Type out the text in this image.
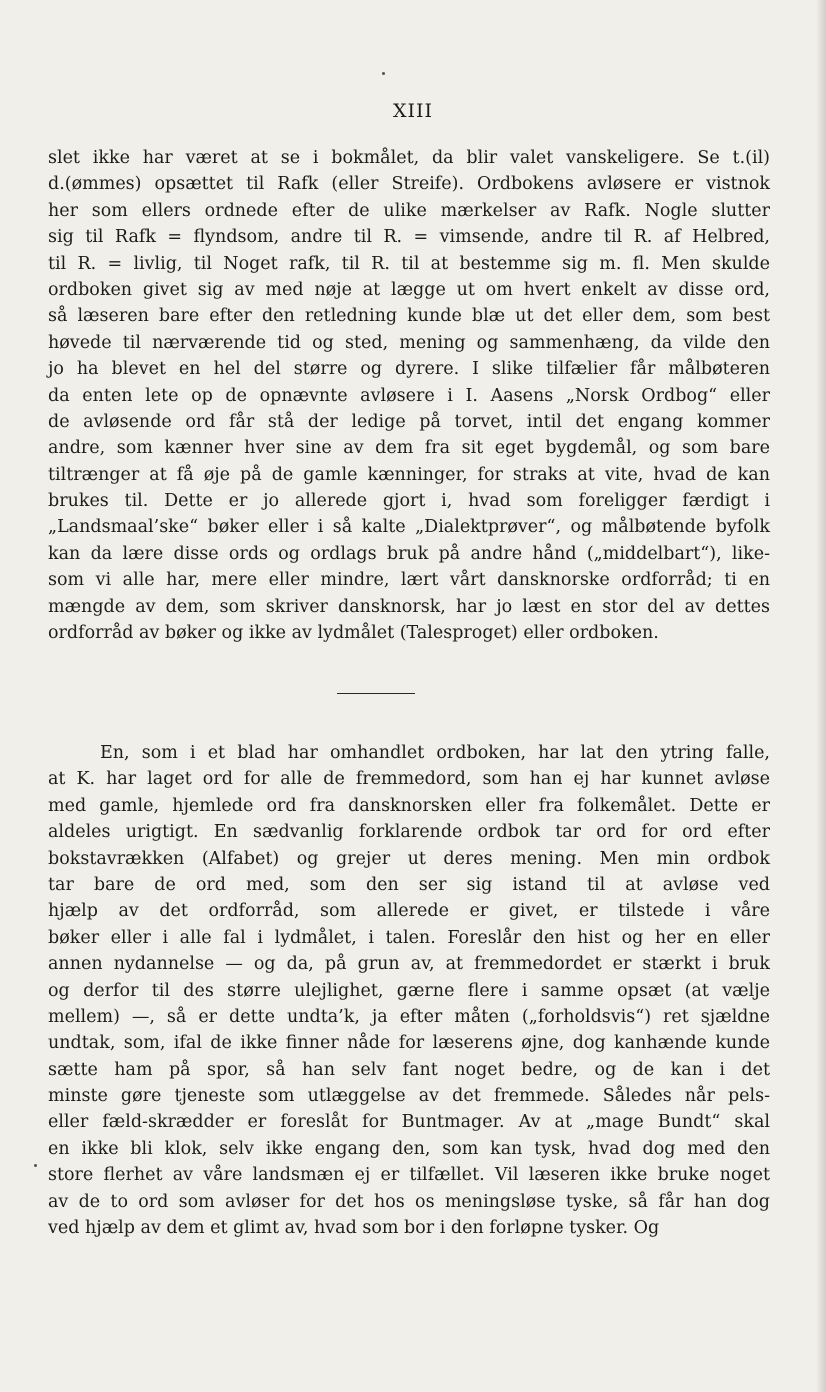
XIII
slet ikke har været at se i bokmålet, da blir valet vanskeligere. Se t.(il)
d.(ømmes) opsættet til Rafk (eller Streife). Ordbokens avløsere er vistnok
her som ellers ordnede efter de ulike mærkelser av Rafk. Nogle slutter
sig til Rafk = flyndsom, andre til R. = vimsende, andre til R. af Helbred,
til R. = livlig, til Noget rafk, til R. til at bestemme sig m. fl. Men skulde
ordboken givet sig av med nøje at lægge ut om hvert enkelt av disse ord,
så læseren bare efter den retledning kunde blæ ut det eller dem, som best
høvede til nærværende tid og sted, mening og sammenhæng, da vilde den
jo ha blevet en hel del større og dyrere. I slike tilfælier får målbøteren
da enten lete op de opnævnte avløsere i I. Aasens „Norsk Ordbog“ eller
de avløsende ord får stå der ledige på torvet, intil det engang kommer
andre, som kænner hver sine av dem fra sit eget bygdemål, og som bare
tiltrænger at få øje på de gamle kænninger, for straks at vite, hvad de kan
brukes til. Dette er jo allerede gjort i, hvad som foreligger færdigt i
„Landsmaal’ske“ bøker eller i så kalte „Dialektprøver“, og målbøtende byfolk
kan da lære disse ords og ordlags bruk på andre hånd („middelbart“), like-
som vi alle har, mere eller mindre, lært vårt dansknorske ordforråd; ti en
mængde av dem, som skriver dansknorsk, har jo læst en stor del av dettes
ordforråd av bøker og ikke av lydmålet (Talesproget) eller ordboken.
En, som i et blad har omhandlet ordboken, har lat den ytring falle,
at K. har laget ord for alle de fremmedord, som han ej har kunnet avløse
med gamle, hjemlede ord fra dansknorsken eller fra folkemålet. Dette er
aldeles urigtigt. En sædvanlig forklarende ordbok tar ord for ord efter
bokstavrækken (Alfabet) og grejer ut deres mening. Men min ordbok
tar bare de ord med, som den ser sig istand til at avløse ved
hjælp av det ordforråd, som allerede er givet, er tilstede i våre
bøker eller i alle fal i lydmålet, i talen. Foreslår den hist og her en eller
annen nydannelse — og da, på grun av, at fremmedordet er stærkt i bruk
og derfor til des større ulejlighet, gærne flere i samme opsæt (at vælje
mellem) —, så er dette undta’k, ja efter måten („forholdsvis“) ret sjældne
undtak, som, ifal de ikke finner nåde for læserens øjne, dog kanhænde kunde
sætte ham på spor, så han selv fant noget bedre, og de kan i det
minste gøre tjeneste som utlæggelse av det fremmede. Således når pels-
eller fæld-skrædder er foreslåt for Buntmager. Av at „mage Bundt“ skal
en ikke bli klok, selv ikke engang den, som kan tysk, hvad dog med den
store flerhet av våre landsmæn ej er tilfællet. Vil læseren ikke bruke noget
av de to ord som avløser for det hos os meningsløse tyske, så får han dog
ved hjælp av dem et glimt av, hvad som bor i den forløpne tysker. Og
